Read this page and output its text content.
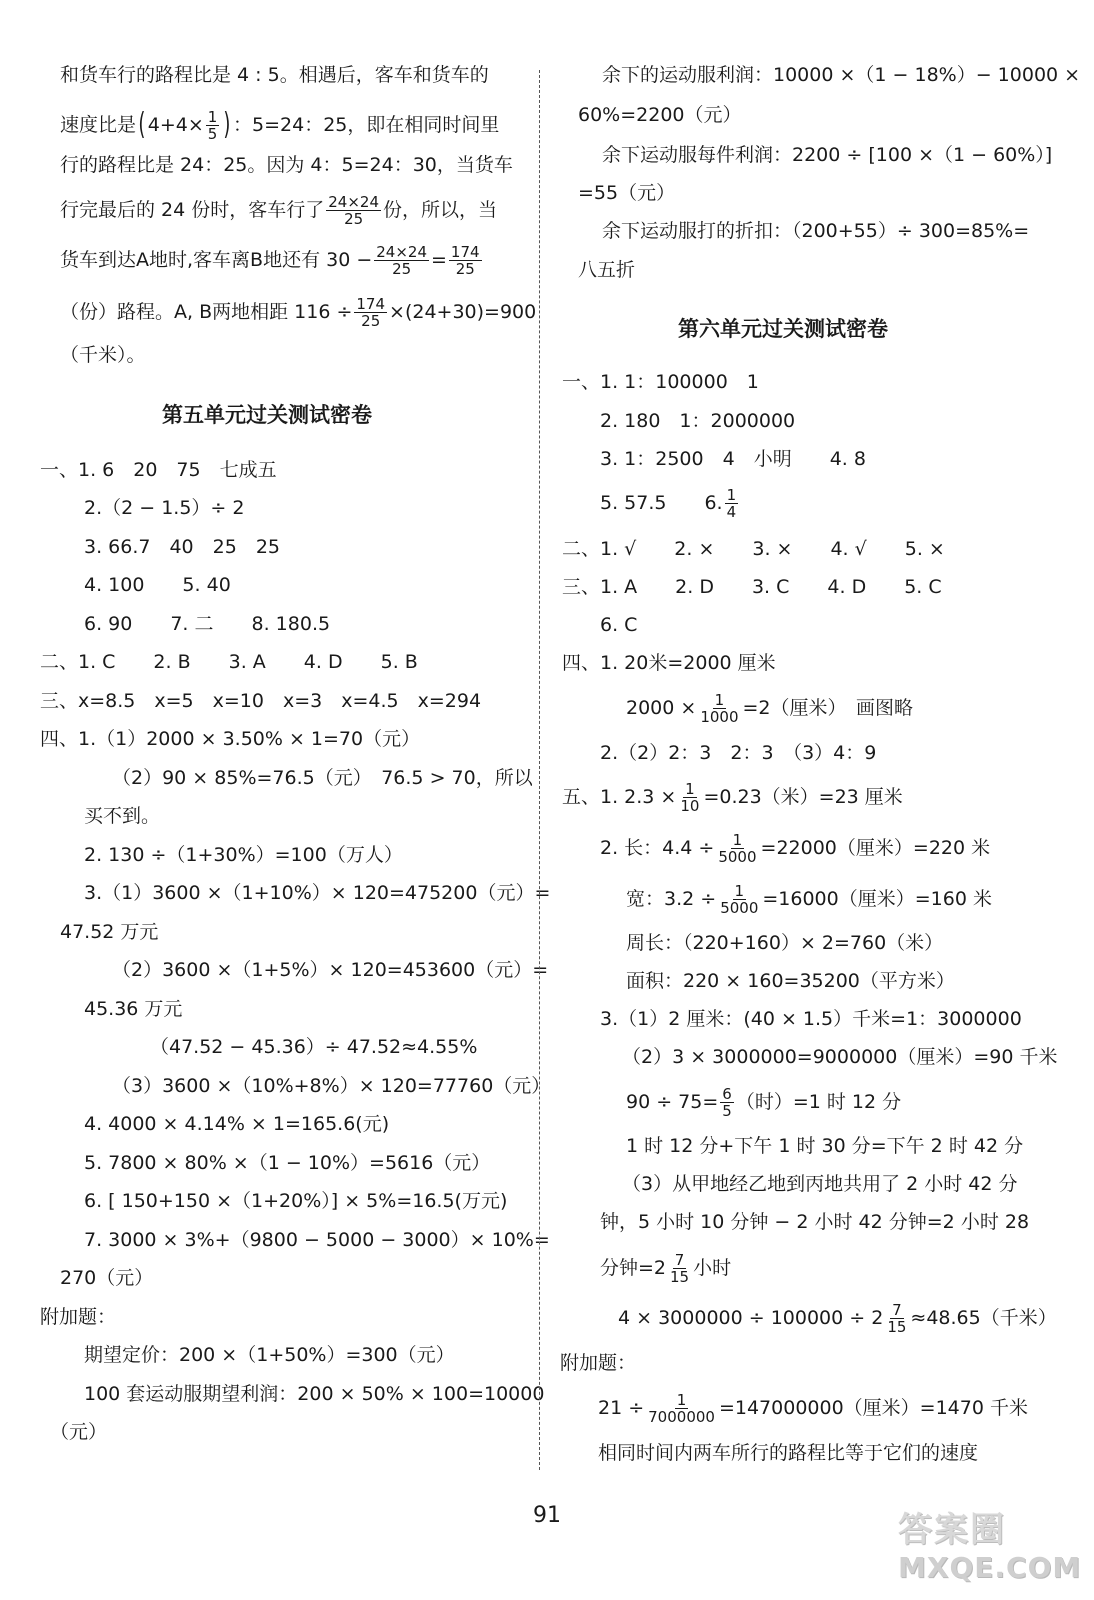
和货车行的路程比是 4 : 5。相遇后，客车和货车的
速度比是 ( $4+4\times \frac{1}{5}$ ) ：5=24：25，即在相同时间里
行的路程比是 24：25。因为 4：5=24：30，当货车
行完最后的 24 份时，客车行了 $\frac{24\times 24}{25}$ 份，所以，当
货车到达A地时,客车离B地还有 $30 - \frac{24\times 24}{25} = \frac{174}{25}$
（份）路程。A, B两地相距 $116 \div \frac{174}{25} \times(24+30)=900$
（千米）。
第五单元过关测试密卷
一、1. 6　20　75　七成五
2.（2 − 1.5）÷ 2
3. 66.7　40　25　25
4. 100　　5. 40
6. 90　　7. 二　　8. 180.5
二、1. C　　2. B　　3. A　　4. D　　5. B
三、x=8.5　x=5　x=10　x=3　x=4.5　x=294
四、1.（1）2000 × 3.50% × 1=70（元）
（2）90 × 85%=76.5（元）　76.5 > 70，所以
买不到。
2. 130 ÷（1+30%）=100（万人）
3.（1）3600 ×（1+10%）× 120=475200（元）=
47.52 万元
（2）3600 ×（1+5%）× 120=453600（元）=
45.36 万元
（47.52 − 45.36）÷ 47.52≈4.55%
（3）3600 ×（10%+8%）× 120=77760（元）
4. 4000 × 4.14% × 1=165.6(元)
5. 7800 × 80% ×（1 − 10%）=5616（元）
6. [ 150+150 ×（1+20%）] × 5%=16.5(万元)
7. 3000 × 3%+（9800 − 5000 − 3000）× 10%=
270（元）
附加题：
期望定价：200 ×（1+50%）=300（元）
100 套运动服期望利润：200 × 50% × 100=10000
（元）
余下的运动服利润：10000 ×（1 − 18%）− 10000 ×
60%=2200（元）
余下运动服每件利润：2200 ÷ [100 ×（1 − 60%）]
=55（元）
余下运动服打的折扣：（200+55）÷ 300=85%=
八五折
第六单元过关测试密卷
一、1. 1：100000　1
2. 180　1：2000000
3. 1：2500　4　小明　　4. 8
5. 57.5　　6. $\frac{1}{4}$
二、1. √　　2. ×　　3. ×　　4. √　　5. ×
三、1. A　　2. D　　3. C　　4. D　　5. C
6. C
四、1. 20米=2000 厘米
$2000 \times \frac{1}{1000} =2$（厘米）　画图略
2.（2）2：3　2：3　（3）4：9
五、1. $2.3 \times \frac{1}{10} =0.23$（米）=23 厘米
2. 长：$4.4 \div \frac{1}{5000} =22000$（厘米）=220 米
宽：$3.2 \div \frac{1}{5000} =16000$（厘米）=160 米
周长：（220+160）× 2=760（米）
面积：220 × 160=35200（平方米）
3.（1）2 厘米：(40 × 1.5）千米=1：3000000
（2）3 × 3000000=9000000（厘米）=90 千米
$90 \div 75= \frac{6}{5}$ （时）=1 时 12 分
1 时 12 分+下午 1 时 30 分=下午 2 时 42 分
（3）从甲地经乙地到丙地共用了 2 小时 42 分
钟，5 小时 10 分钟 − 2 小时 42 分钟=2 小时 28
分钟$=2 \frac{7}{15}$ 小时
$4 \times 3000000 \div 100000 \div 2 \frac{7}{15} \approx 48.65$（千米）
附加题：
$21 \div \frac{1}{7000000} =147000000$（厘米）=1470 千米
相同时间内两车所行的路程比等于它们的速度
91	答案圈
MXQE.COM
